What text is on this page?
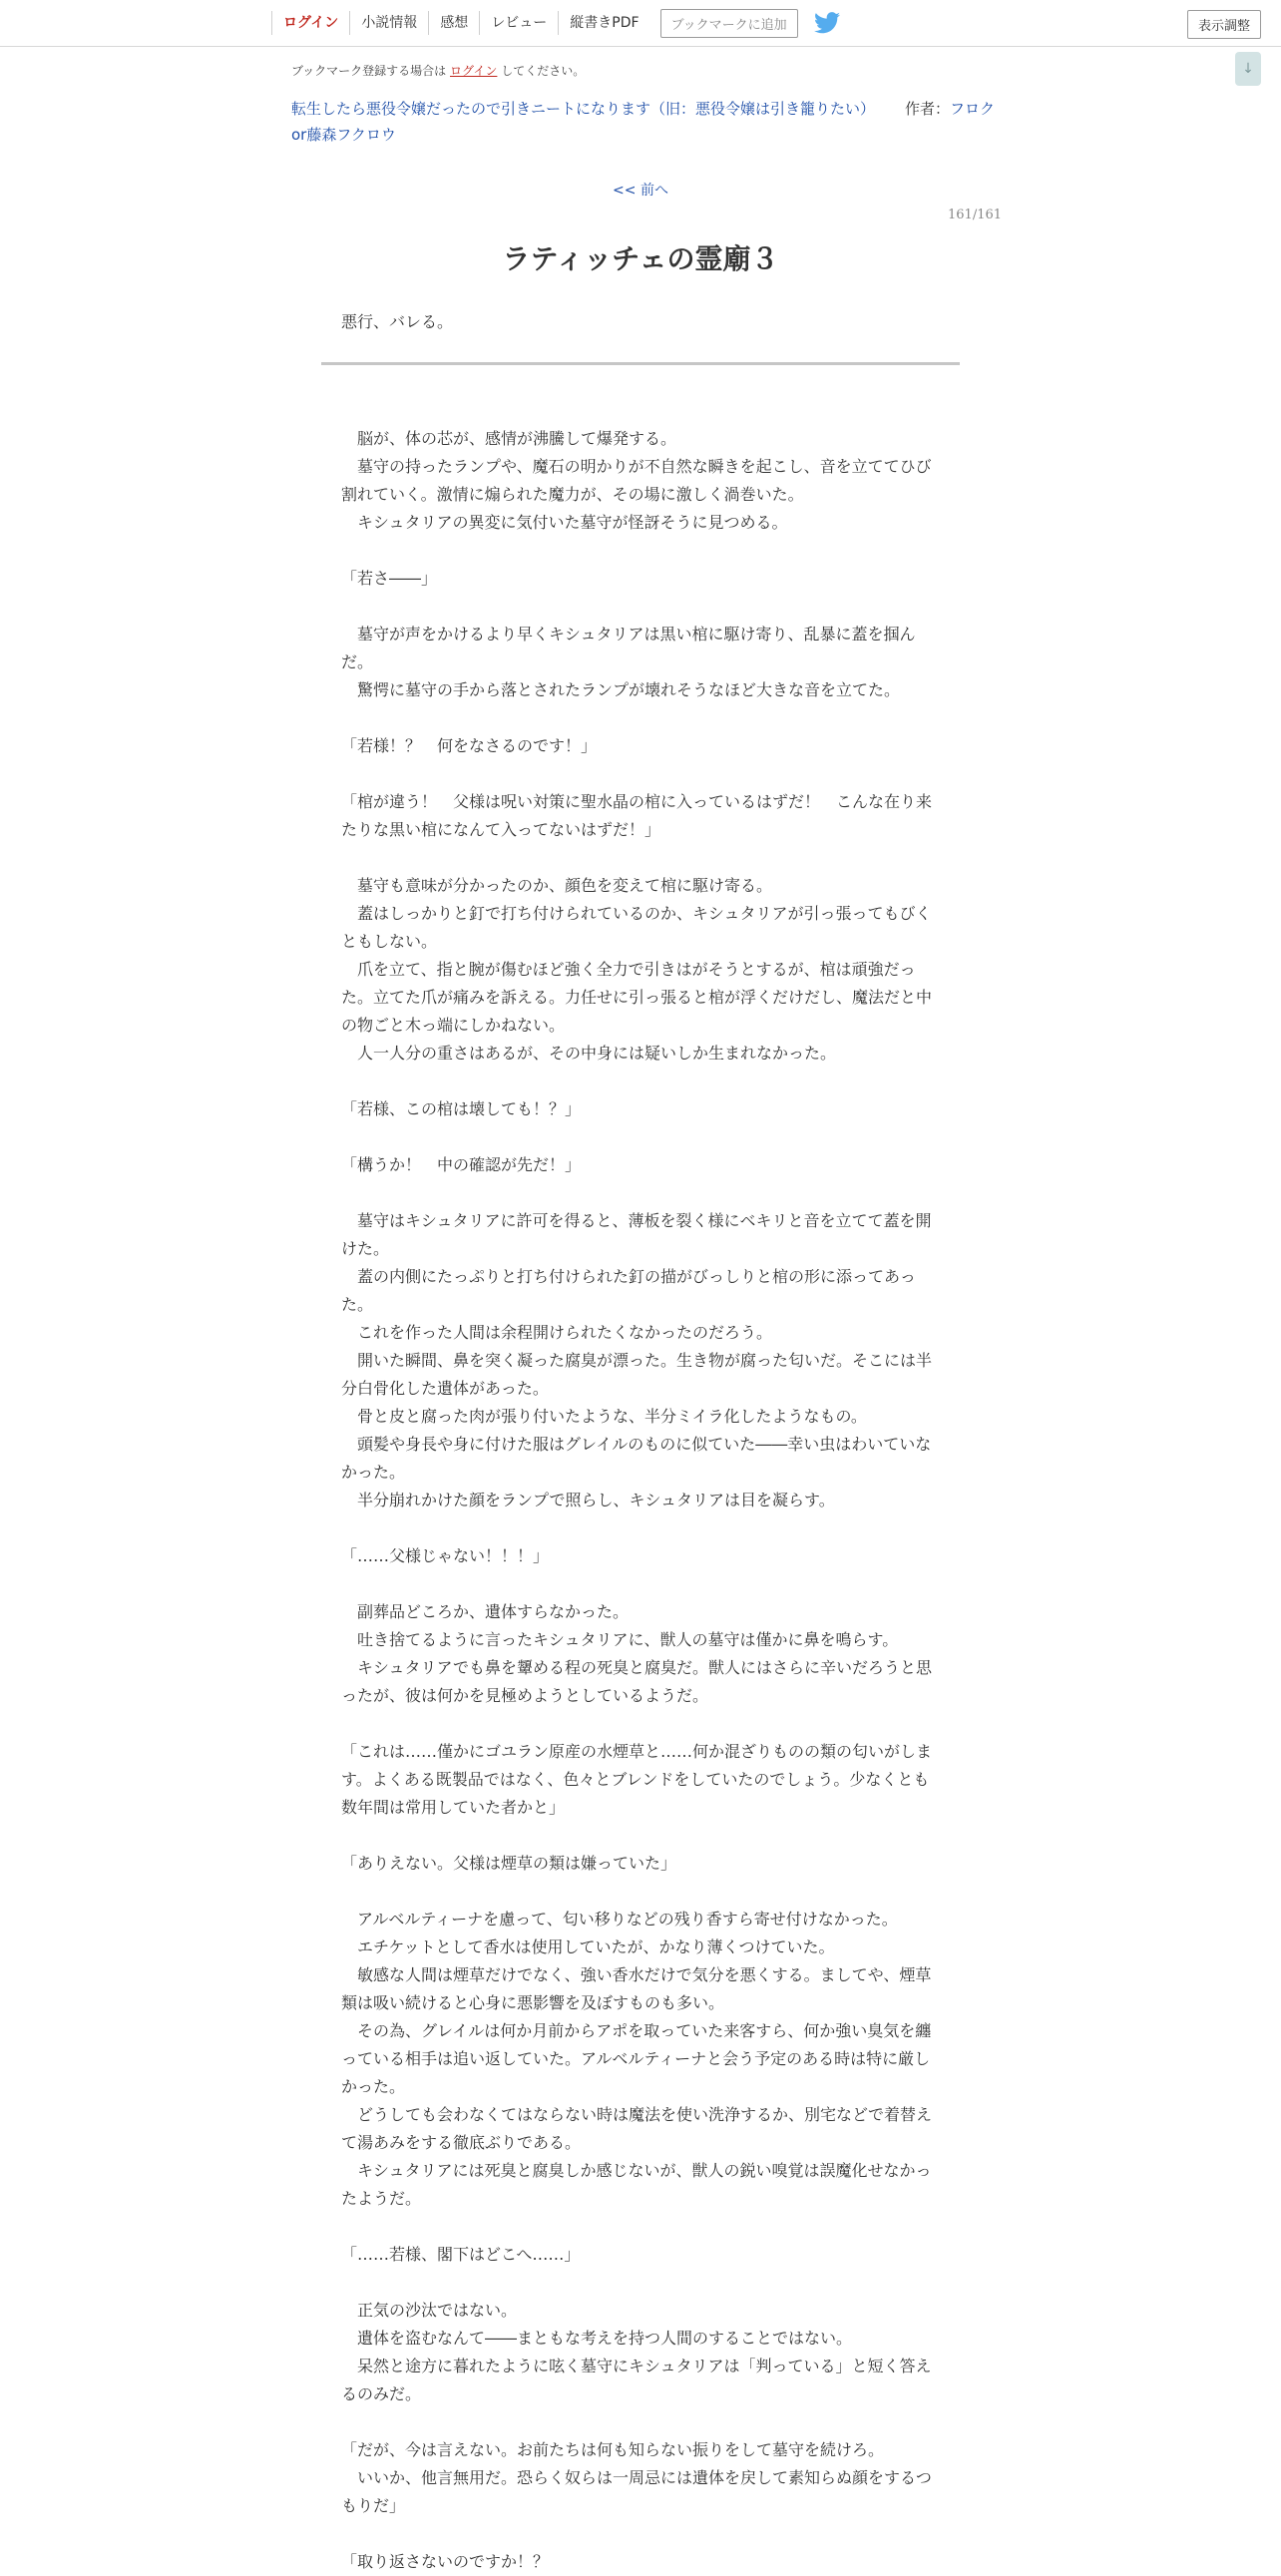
ログイン	小説情報	感想	レビュー	縦書きPDF	ブックマークに追加	表示調整
↓
ブックマーク登録する場合は ログイン してください。
転生したら悪役令嬢だったので引きニートになります（旧：悪役令嬢は引き籠りたい） 作者：フロクor藤森フクロウ
<< 前へ
161/161
ラティッチェの霊廟３
悪行、バレる。

　脳が、体の芯が、感情が沸騰して爆発する。

　墓守の持ったランプや、魔石の明かりが不自然な瞬きを起こし、音を立ててひび割れていく。激情に煽られた魔力が、その場に激しく渦巻いた。

　キシュタリアの異変に気付いた墓守が怪訝そうに見つめる。

「若さ――」

　墓守が声をかけるより早くキシュタリアは黒い棺に駆け寄り、乱暴に蓋を掴んだ。

　驚愕に墓守の手から落とされたランプが壊れそうなほど大きな音を立てた。

「若様！？　何をなさるのです！」

「棺が違う！　父様は呪い対策に聖水晶の棺に入っているはずだ！　こんな在り来たりな黒い棺になんて入ってないはずだ！」

　墓守も意味が分かったのか、顔色を変えて棺に駆け寄る。

　蓋はしっかりと釘で打ち付けられているのか、キシュタリアが引っ張ってもびくともしない。

　爪を立て、指と腕が傷むほど強く全力で引きはがそうとするが、棺は頑強だった。立てた爪が痛みを訴える。力任せに引っ張ると棺が浮くだけだし、魔法だと中の物ごと木っ端にしかねない。

　人一人分の重さはあるが、その中身には疑いしか生まれなかった。

「若様、この棺は壊しても！？」

「構うか！　中の確認が先だ！」

　墓守はキシュタリアに許可を得ると、薄板を裂く様にベキリと音を立てて蓋を開けた。

　蓋の内側にたっぷりと打ち付けられた釘の描がびっしりと棺の形に添ってあった。

　これを作った人間は余程開けられたくなかったのだろう。

　開いた瞬間、鼻を突く凝った腐臭が漂った。生き物が腐った匂いだ。そこには半分白骨化した遺体があった。

　骨と皮と腐った肉が張り付いたような、半分ミイラ化したようなもの。

　頭髪や身長や身に付けた服はグレイルのものに似ていた――幸い虫はわいていなかった。

　半分崩れかけた顔をランプで照らし、キシュタリアは目を凝らす。

「……父様じゃない！！！」

　副葬品どころか、遺体すらなかった。

　吐き捨てるように言ったキシュタリアに、獣人の墓守は僅かに鼻を鳴らす。

　キシュタリアでも鼻を顰める程の死臭と腐臭だ。獣人にはさらに辛いだろうと思ったが、彼は何かを見極めようとしているようだ。

「これは……僅かにゴユラン原産の水煙草と……何か混ざりものの類の匂いがします。よくある既製品ではなく、色々とブレンドをしていたのでしょう。少なくとも数年間は常用していた者かと」

「ありえない。父様は煙草の類は嫌っていた」

　アルベルティーナを慮って、匂い移りなどの残り香すら寄せ付けなかった。

　エチケットとして香水は使用していたが、かなり薄くつけていた。

　敏感な人間は煙草だけでなく、強い香水だけで気分を悪くする。ましてや、煙草類は吸い続けると心身に悪影響を及ぼすものも多い。

　その為、グレイルは何か月前からアポを取っていた来客すら、何か強い臭気を纏っている相手は追い返していた。アルベルティーナと会う予定のある時は特に厳しかった。

　どうしても会わなくてはならない時は魔法を使い洗浄するか、別宅などで着替えて湯あみをする徹底ぶりである。

　キシュタリアには死臭と腐臭しか感じないが、獣人の鋭い嗅覚は誤魔化せなかったようだ。

「……若様、閣下はどこへ……」

　正気の沙汰ではない。

　遺体を盗むなんて――まともな考えを持つ人間のすることではない。

　呆然と途方に暮れたように呟く墓守にキシュタリアは「判っている」と短く答えるのみだ。

「だが、今は言えない。お前たちは何も知らない振りをして墓守を続けろ。

　いいか、他言無用だ。恐らく奴らは一周忌には遺体を戻して素知らぬ顔をするつもりだ」

「取り返さないのですか！？
